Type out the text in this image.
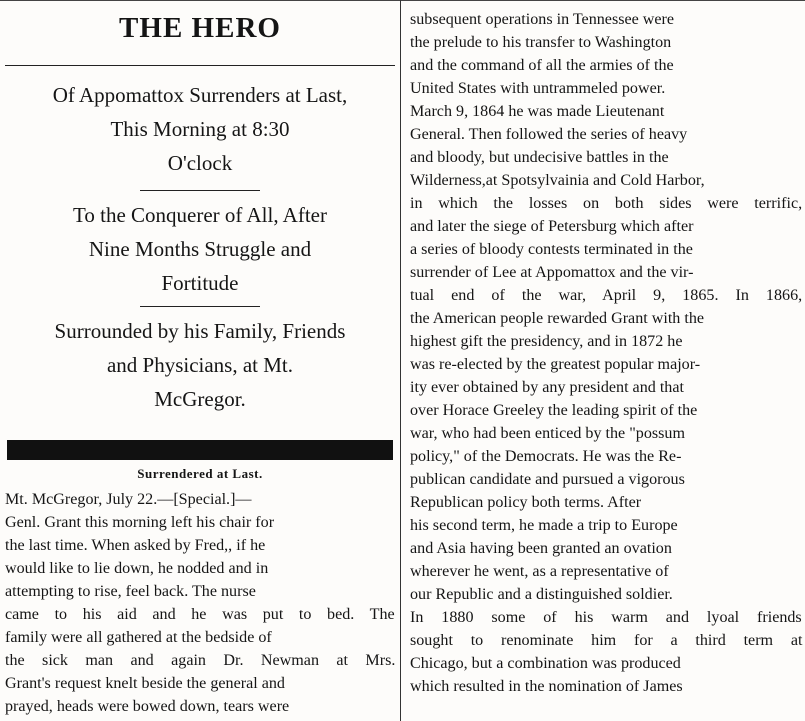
THE HERO
Of Appomattox Surrenders at Last,
This Morning at 8:30
O'clock
To the Conquerer of All, After
Nine Months Struggle and
Fortitude
Surrounded by his Family, Friends
and Physicians, at Mt.
McGregor.
Surrendered at Last.
Mt. McGregor, July 22.—[Special.]—
Genl. Grant this morning left his chair for
the last time. When asked by Fred,, if he
would like to lie down, he nodded and in
attempting to rise, feel back. The nurse
came to his aid and he was put to bed. The
family were all gathered at the bedside of
the sick man and again Dr. Newman at Mrs.
Grant's request knelt beside the general and
prayed, heads were bowed down, tears were
subsequent operations in Tennessee were
the prelude to his transfer to Washington
and the command of all the armies of the
United States with untrammeled power.
March 9, 1864 he was made Lieutenant
General. Then followed the series of heavy
and bloody, but undecisive battles in the
Wilderness,at Spotsylvainia and Cold Harbor,
in which the losses on both sides were terrific,
and later the siege of Petersburg which after
a series of bloody contests terminated in the
surrender of Lee at Appomattox and the vir-
tual end of the war, April 9, 1865. In 1866,
the American people rewarded Grant with the
highest gift the presidency, and in 1872 he
was re-elected by the greatest popular major-
ity ever obtained by any president and that
over Horace Greeley the leading spirit of the
war, who had been enticed by the "possum
policy," of the Democrats. He was the Re-
publican candidate and pursued a vigorous
Republican policy both terms. After
his second term, he made a trip to Europe
and Asia having been granted an ovation
wherever he went, as a representative of
our Republic and a distinguished soldier.
In 1880 some of his warm and lyoal friends
sought to renominate him for a third term at
Chicago, but a combination was produced
which resulted in the nomination of James
